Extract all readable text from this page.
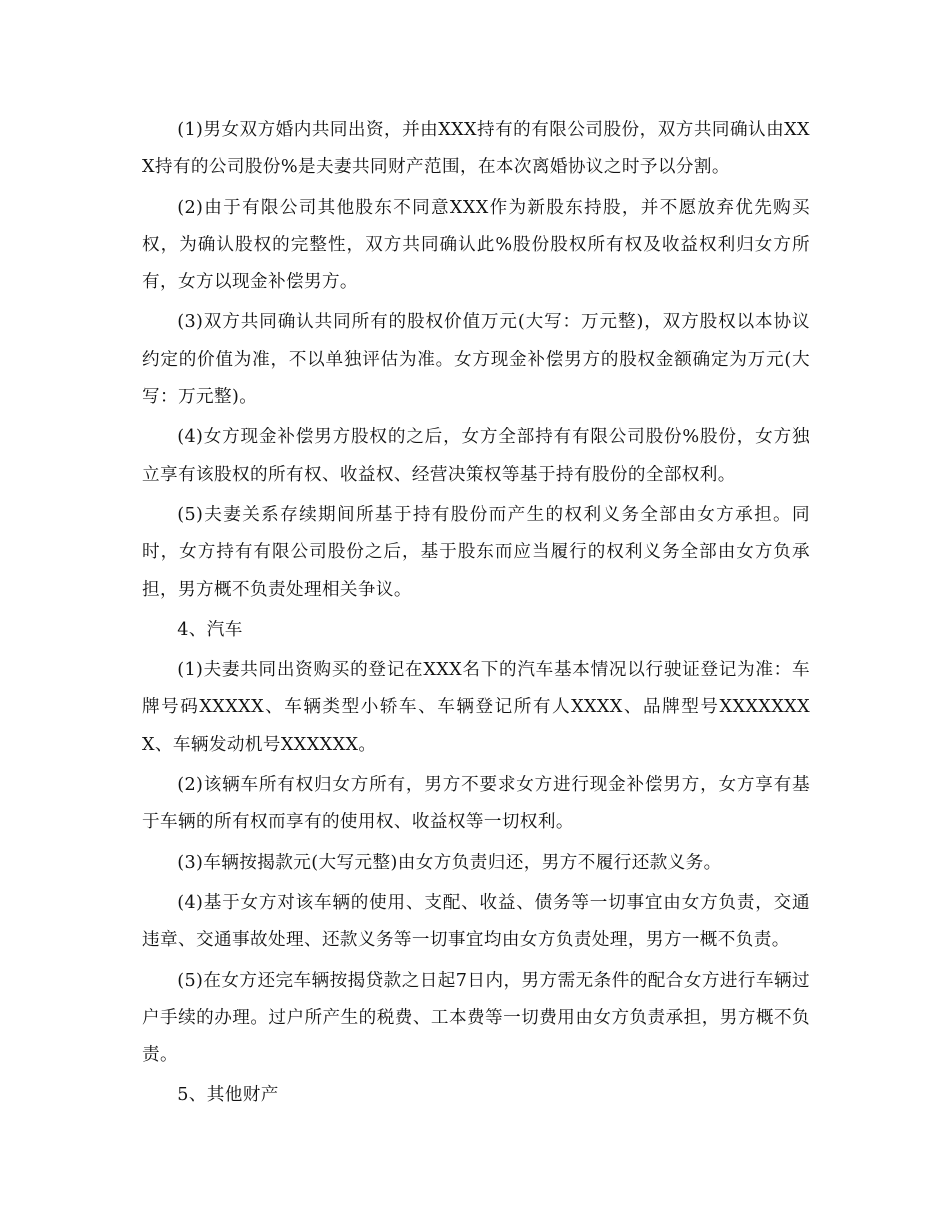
(1)男女双方婚内共同出资，并由XXX持有的有限公司股份，双方共同确认由XXX持有的公司股份%是夫妻共同财产范围，在本次离婚协议之时予以分割。

(2)由于有限公司其他股东不同意XXX作为新股东持股，并不愿放弃优先购买权，为确认股权的完整性，双方共同确认此%股份股权所有权及收益权利归女方所有，女方以现金补偿男方。

(3)双方共同确认共同所有的股权价值万元(大写：万元整)，双方股权以本协议约定的价值为准，不以单独评估为准。女方现金补偿男方的股权金额确定为万元(大写：万元整)。

(4)女方现金补偿男方股权的之后，女方全部持有有限公司股份%股份，女方独立享有该股权的所有权、收益权、经营决策权等基于持有股份的全部权利。

(5)夫妻关系存续期间所基于持有股份而产生的权利义务全部由女方承担。同时，女方持有有限公司股份之后，基于股东而应当履行的权利义务全部由女方负承担，男方概不负责处理相关争议。

4、汽车

(1)夫妻共同出资购买的登记在XXX名下的汽车基本情况以行驶证登记为准：车牌号码XXXXX、车辆类型小轿车、车辆登记所有人XXXX、品牌型号XXXXXXXX、车辆发动机号XXXXXX。

(2)该辆车所有权归女方所有，男方不要求女方进行现金补偿男方，女方享有基于车辆的所有权而享有的使用权、收益权等一切权利。

(3)车辆按揭款元(大写元整)由女方负责归还，男方不履行还款义务。

(4)基于女方对该车辆的使用、支配、收益、债务等一切事宜由女方负责，交通违章、交通事故处理、还款义务等一切事宜均由女方负责处理，男方一概不负责。

(5)在女方还完车辆按揭贷款之日起7日内，男方需无条件的配合女方进行车辆过户手续的办理。过户所产生的税费、工本费等一切费用由女方负责承担，男方概不负责。

5、其他财产
